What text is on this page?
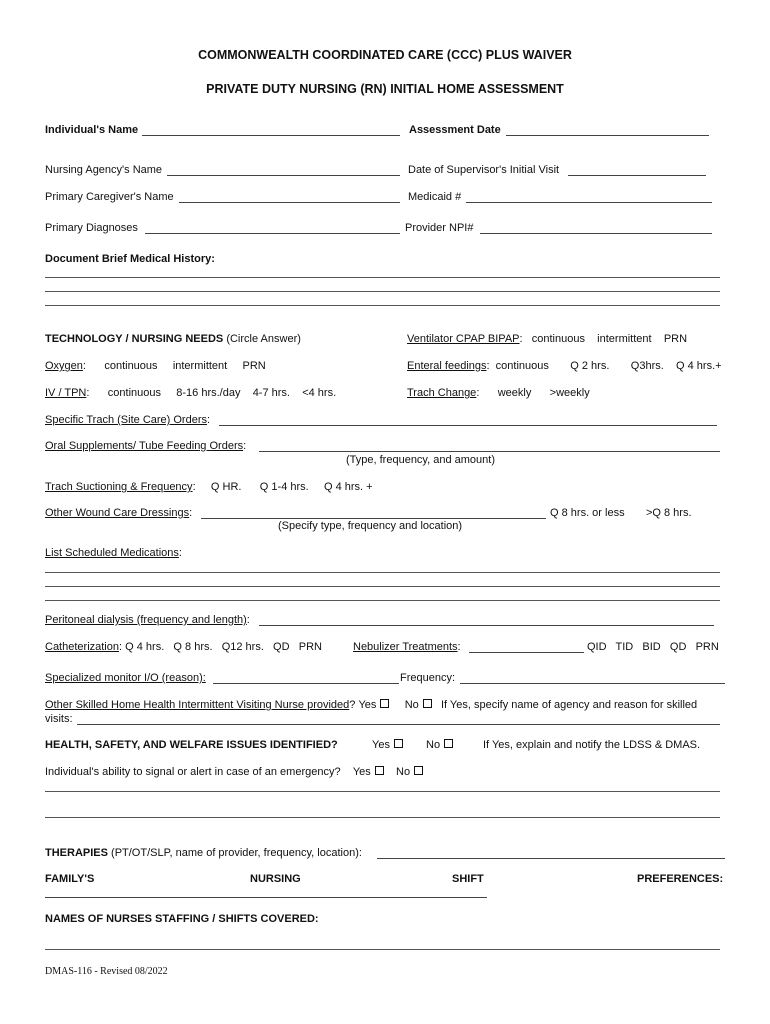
COMMONWEALTH COORDINATED CARE (CCC) PLUS WAIVER
PRIVATE DUTY NURSING (RN) INITIAL HOME ASSESSMENT
Individual's Name	Assessment Date
Nursing Agency's Name	Date of Supervisor's Initial Visit
Primary Caregiver's Name	Medicaid #
Primary Diagnoses	Provider NPI#
Document Brief Medical History:
TECHNOLOGY / NURSING NEEDS (Circle Answer)	Ventilator CPAP BIPAP:   continuous    intermittent    PRN
Oxygen:      continuous     intermittent     PRN	Enteral feedings:  continuous       Q 2 hrs.       Q3hrs.    Q 4 hrs.+
IV / TPN:      continuous     8-16 hrs./day    4-7 hrs.    <4 hrs.	Trach Change:      weekly      >weekly
Specific Trach (Site Care) Orders:
Oral Supplements/ Tube Feeding Orders:
(Type, frequency, and amount)
Trach Suctioning & Frequency:     Q HR.      Q 1-4 hrs.     Q 4 hrs. +
Other Wound Care Dressings:	Q 8 hrs. or less       >Q 8 hrs.
(Specify type, frequency and location)
List Scheduled Medications:
Peritoneal dialysis (frequency and length):
Catheterization: Q 4 hrs.   Q 8 hrs.   Q12 hrs.   QD   PRN	Nebulizer Treatments:	QID   TID   BID   QD   PRN
Specialized monitor I/O (reason):	Frequency:
Other Skilled Home Health Intermittent Visiting Nurse provided? Yes	No If Yes, specify name of agency and reason for skilled
visits:
HEALTH, SAFETY, AND WELFARE ISSUES IDENTIFIED?	Yes	No	If Yes, explain and notify the LDSS & DMAS.
Individual's ability to signal or alert in case of an emergency? Yes No
THERAPIES (PT/OT/SLP, name of provider, frequency, location):
FAMILY'S	NURSING	SHIFT	PREFERENCES:
NAMES OF NURSES STAFFING / SHIFTS COVERED:
DMAS-116 - Revised 08/2022
